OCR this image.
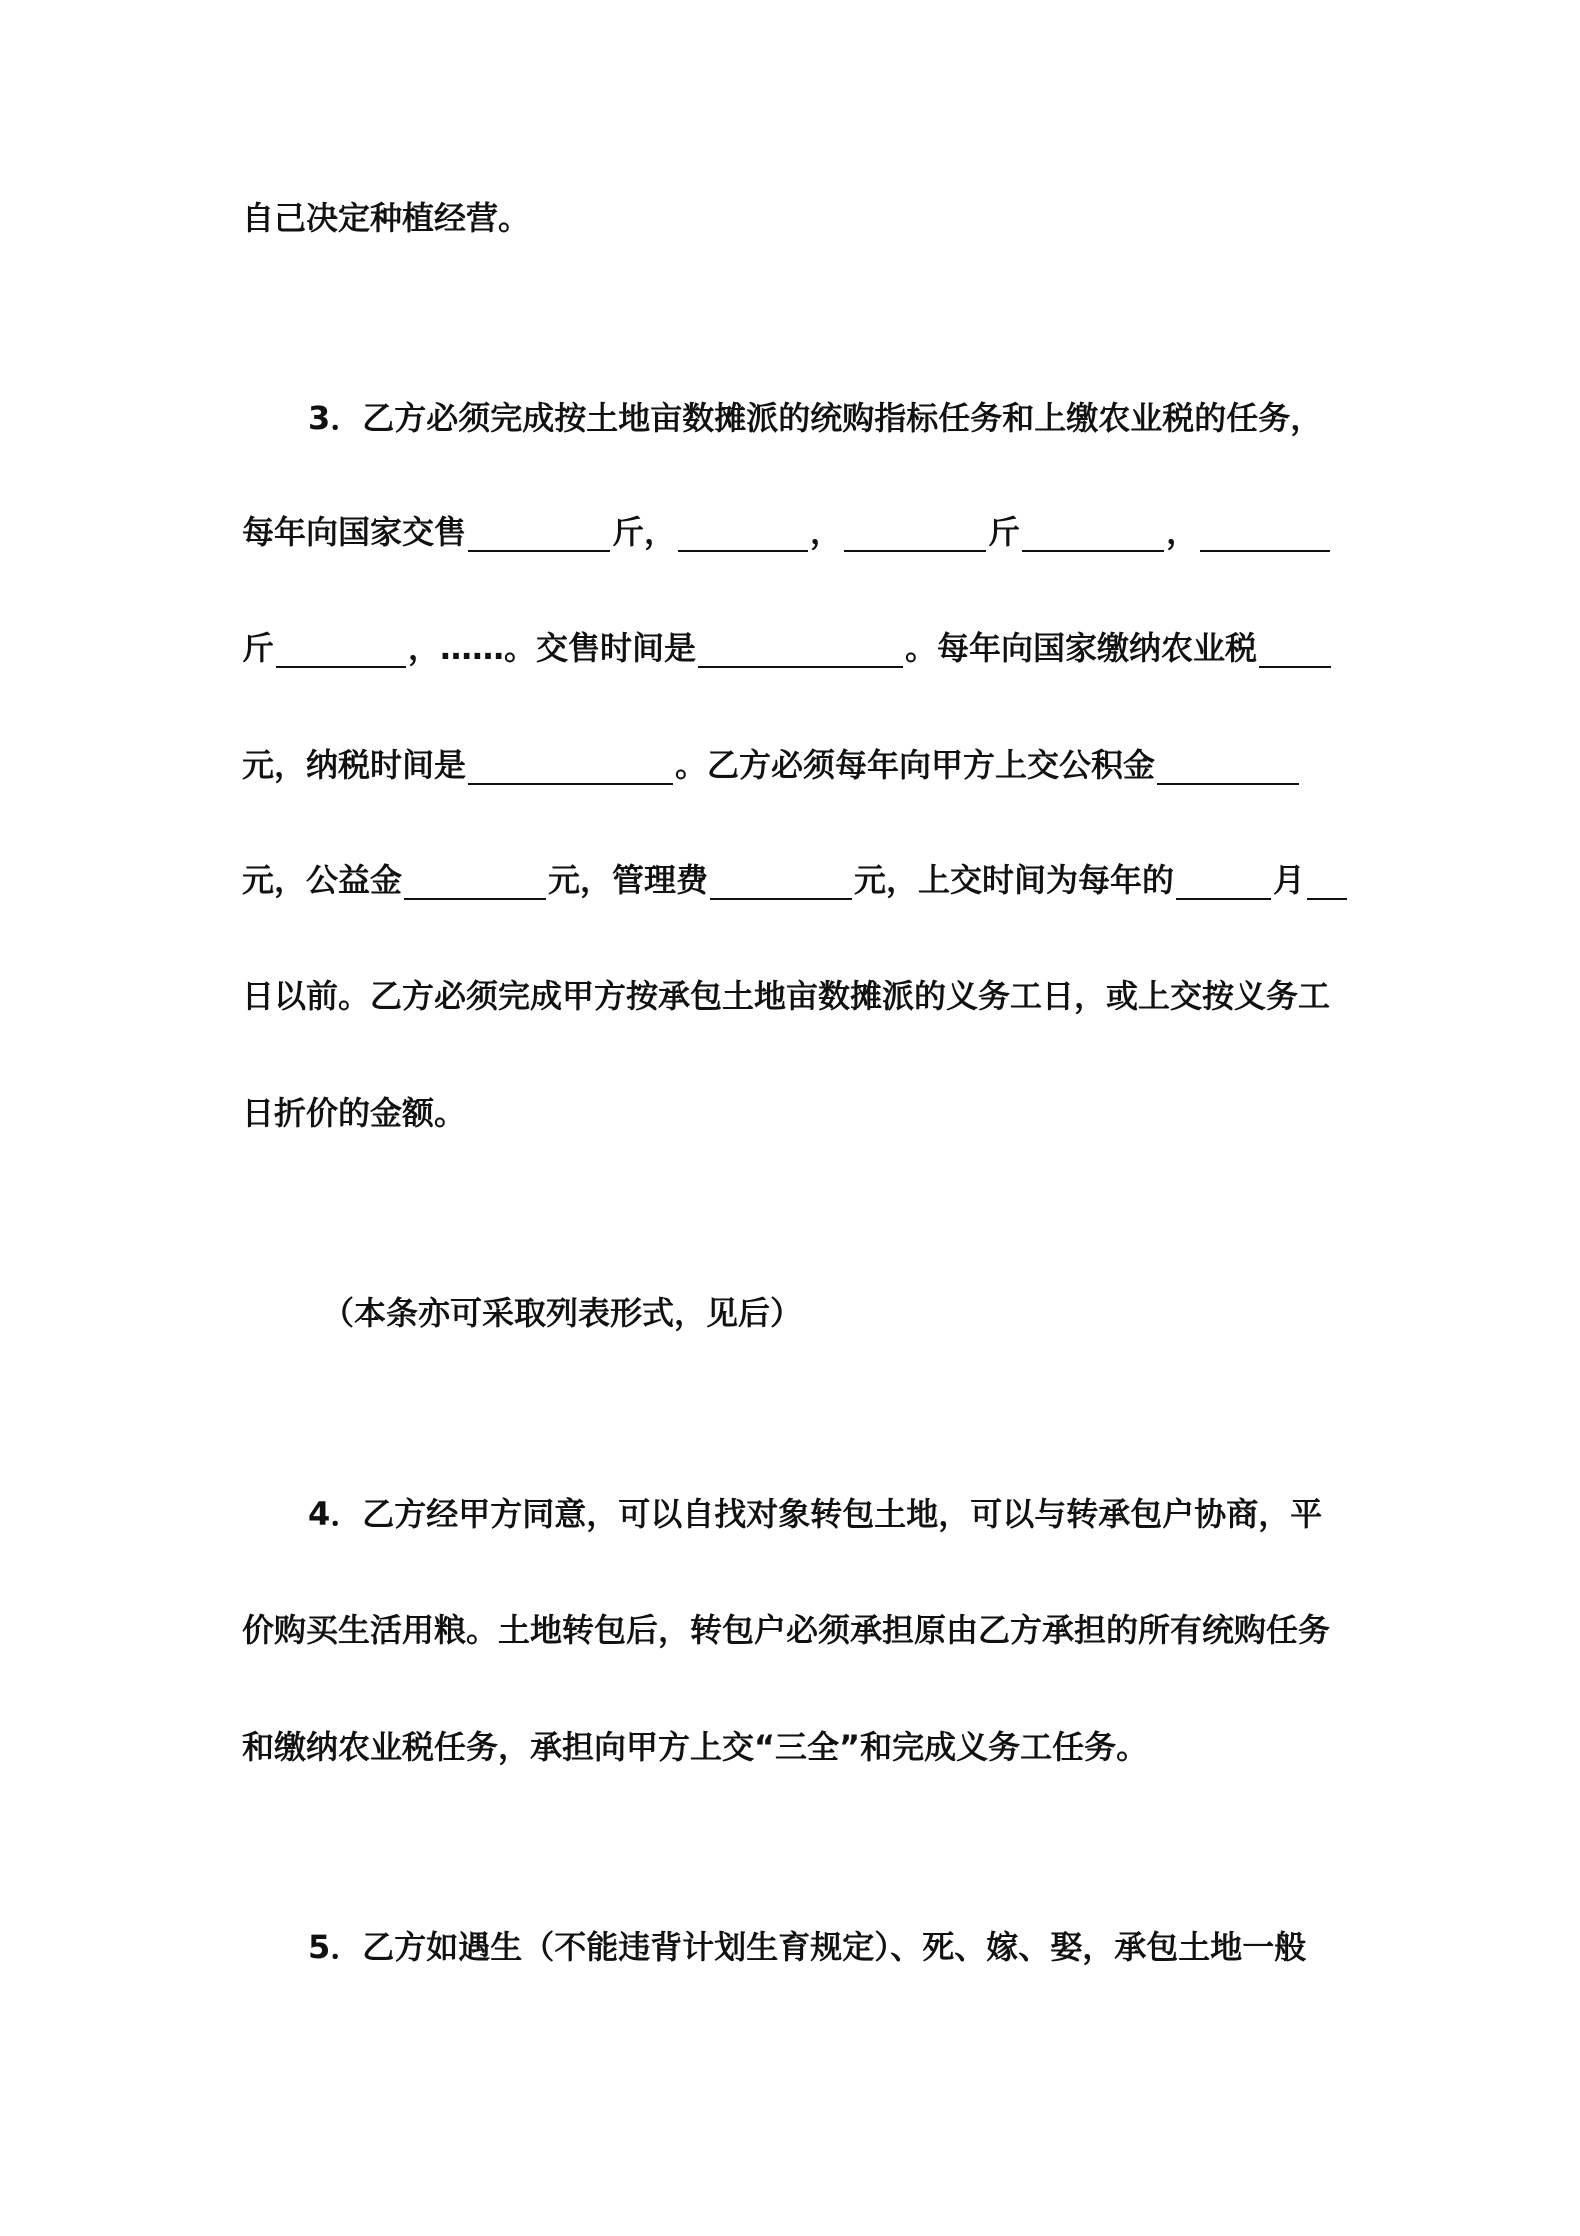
自己决定种植经营。
3．乙方必须完成按土地亩数摊派的统购指标任务和上缴农业税的任务，
每年向国家交售	斤，	，	斤	，
斤	，……。交售时间是	。每年向国家缴纳农业税
元，纳税时间是	。乙方必须每年向甲方上交公积金
元，公益金	元，管理费	元，上交时间为每年的	月
日以前。乙方必须完成甲方按承包土地亩数摊派的义务工日，或上交按义务工
日折价的金额。
（本条亦可采取列表形式，见后）
4．乙方经甲方同意，可以自找对象转包土地，可以与转承包户协商，平
价购买生活用粮。土地转包后，转包户必须承担原由乙方承担的所有统购任务
和缴纳农业税任务，承担向甲方上交“三全”和完成义务工任务。
5．乙方如遇生（不能违背计划生育规定）、死、嫁、娶，承包土地一般
